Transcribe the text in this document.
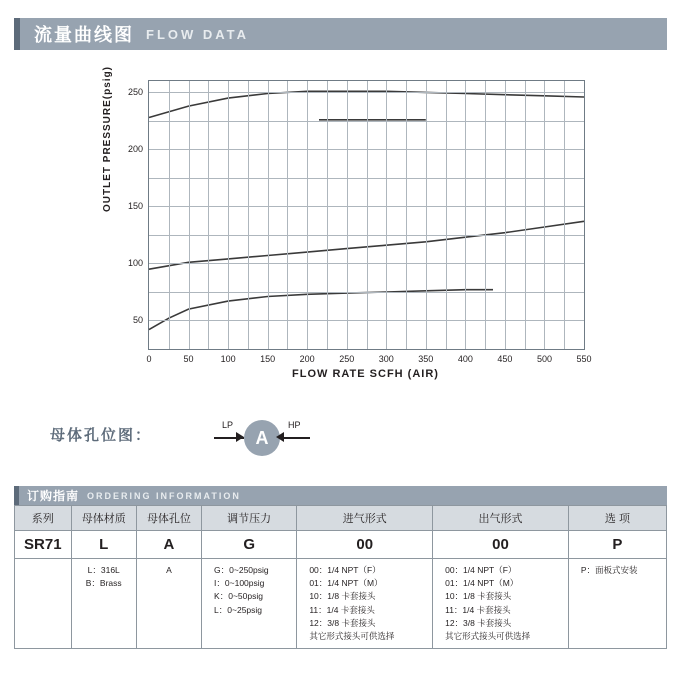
流量曲线图 FLOW DATA
OUTLET PRESSURE(psig)
0	50	100	150	200	250	300	350	400	450	500	550
50
100
150
200
250
FLOW RATE SCFH (AIR)
母体孔位图：
LP
A
HP
订购指南 ORDERING INFORMATION
系列	母体材质	母体孔位	调节压力	进气形式	出气形式	选 项
SR71	L	A	G	00	00	P

L：316L
B：Brass

A	G：0~250psig
I：0~100psig
K：0~50psig
L：0~25psig

00：1/4 NPT（F）
01：1/4 NPT（M）
10：1/8 卡套接头
11：1/4 卡套接头
12：3/8 卡套接头
其它形式接头可供选择

00：1/4 NPT（F）
01：1/4 NPT（M）
10：1/8 卡套接头
11：1/4 卡套接头
12：3/8 卡套接头
其它形式接头可供选择

P：面板式安装
